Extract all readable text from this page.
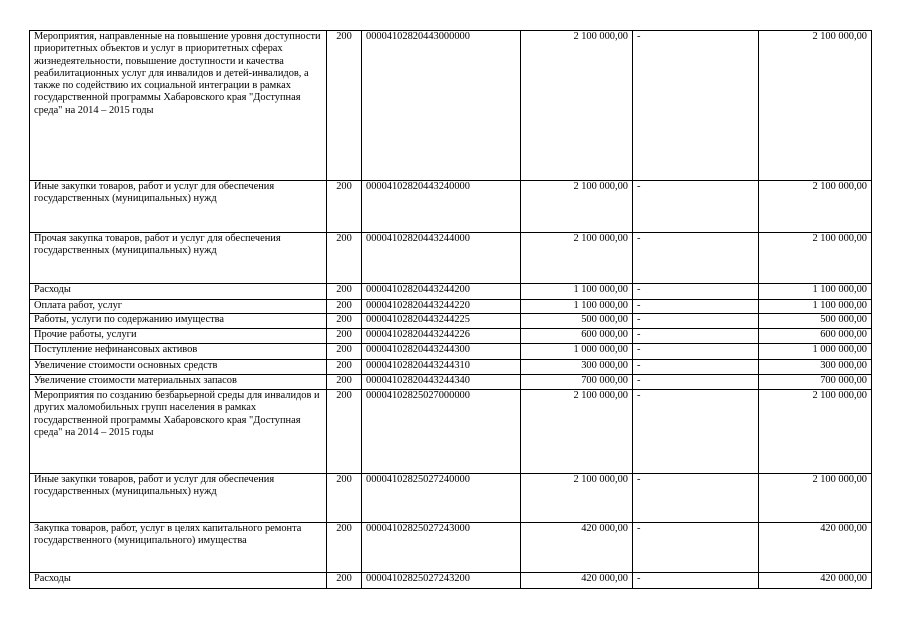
Мероприятия, направленные на повышение уровня доступности приоритетных объектов и услуг в приоритетных сферах жизнедеятельности, повышение доступности и качества реабилитационных услуг для инвалидов и детей-инвалидов, а также по содействию их социальной интеграции в рамках государственной программы Хабаровского края "Доступная среда" на 2014 – 2015 годы	200	00004102820443000000	2 100 000,00	-	2 100 000,00
Иные закупки товаров, работ и услуг для обеспечения государственных (муниципальных) нужд	200	00004102820443240000	2 100 000,00	-	2 100 000,00
Прочая закупка товаров, работ и услуг для обеспечения государственных (муниципальных) нужд	200	00004102820443244000	2 100 000,00	-	2 100 000,00
Расходы	200	00004102820443244200	1 100 000,00	-	1 100 000,00
Оплата работ, услуг	200	00004102820443244220	1 100 000,00	-	1 100 000,00
Работы, услуги по содержанию имущества	200	00004102820443244225	500 000,00	-	500 000,00
Прочие работы, услуги	200	00004102820443244226	600 000,00	-	600 000,00
Поступление нефинансовых активов	200	00004102820443244300	1 000 000,00	-	1 000 000,00
Увеличение стоимости основных средств	200	00004102820443244310	300 000,00	-	300 000,00
Увеличение стоимости материальных запасов	200	00004102820443244340	700 000,00	-	700 000,00
Мероприятия по созданию безбарьерной среды для инвалидов и других маломобильных групп населения в рамках государственной программы Хабаровского края "Доступная среда" на 2014 – 2015 годы	200	00004102825027000000	2 100 000,00	-	2 100 000,00
Иные закупки товаров, работ и услуг для обеспечения государственных (муниципальных) нужд	200	00004102825027240000	2 100 000,00	-	2 100 000,00
Закупка товаров, работ, услуг в целях капитального ремонта государственного (муниципального) имущества	200	00004102825027243000	420 000,00	-	420 000,00
Расходы	200	00004102825027243200	420 000,00	-	420 000,00
